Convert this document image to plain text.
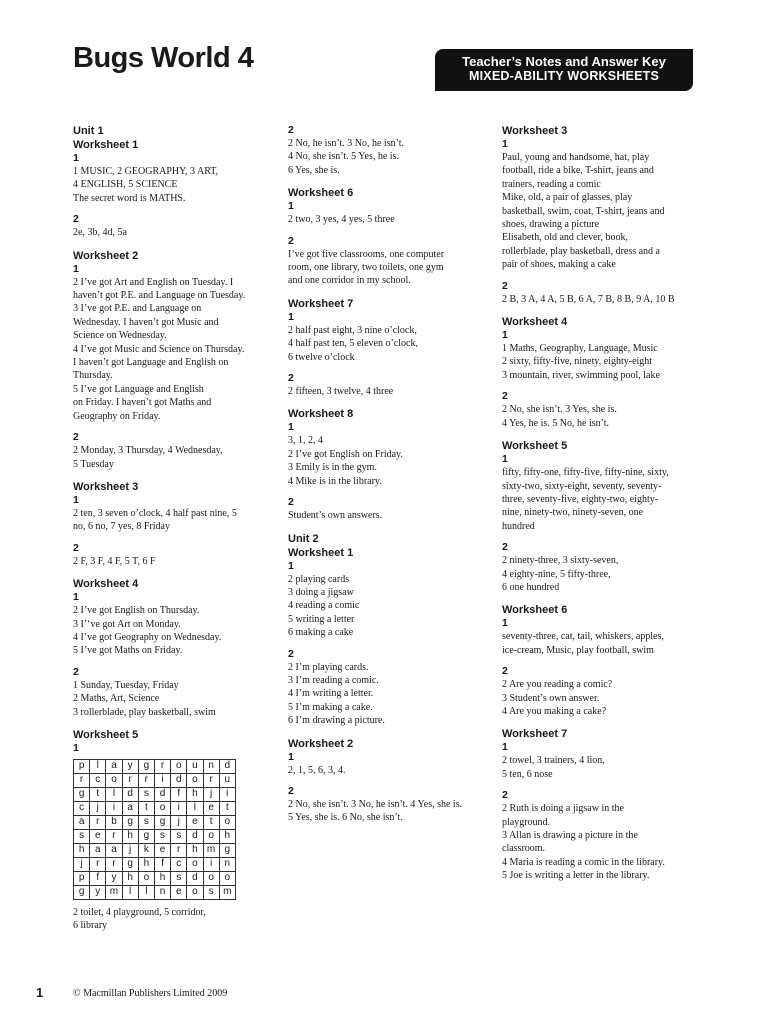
Bugs World 4	Teacher’s Notes and Answer Key
MIXED-ABILITY WORKSHEETS
Unit 1
Worksheet 1
1
1 MUSIC, 2 GEOGRAPHY, 3 ART,
4 ENGLISH, 5 SCIENCE
The secret word is MATHS.
2
2e, 3b, 4d, 5a
Worksheet 2
1
2 I’ve got Art and English on Tuesday. I
haven’t got P.E. and Language on Tuesday.
3 I’ve got P.E. and Language on
Wednesday. I haven’t got Music and
Science on Wednesday.
4 I’ve got Music and Science on Thursday.
I haven’t got Language and English on
Thursday.
5 I’ve got Language and English
on Friday. I haven’t got Maths and
Geography on Friday.
2
2 Monday, 3 Thursday, 4 Wednesday,
5 Tuesday
Worksheet 3
1
2 ten, 3 seven o’clock, 4 half past nine, 5
no, 6 no, 7 yes, 8 Friday
2
2 F, 3 F, 4 F, 5 T, 6 F
Worksheet 4
1
2 I’ve got English on Thursday.
3 I’‘ve got Art on Monday.
4 I’ve got Geography on Wednesday.
5 I’ve got Maths on Friday.
2
1 Sunday, Tuesday, Friday
2 Maths, Art, Science
3 rollerblade, play basketball, swim
Worksheet 5
1
p	l	a	y	g	r	o	u	n	d
r	c	o	r	r	i	d	o	r	u
g	t	l	d	s	d	f	h	j	i
c	j	i	a	t	o	i	l	e	t
a	r	b	g	s	g	j	e	t	o
s	e	r	h	g	s	s	d	o	h
h	a	a	j	k	e	r	h	m	g
j	r	r	g	h	f	c	o	i	n
p	f	y	h	o	h	s	d	o	o
g	y	m	l	l	n	e	o	s	m
2 toilet, 4 playground, 5 corridor,
6 library
2
2 No, he isn’t. 3 No, he isn’t.
4 No, she isn’t. 5 Yes, he is.
6 Yes, she is.
Worksheet 6
1
2 two, 3 yes, 4 yes, 5 three
2
I’ve got five classrooms, one computer
room, one library, two toilets, one gym
and one corridor in my school.
Worksheet 7
1
2 half past eight, 3 nine o’clock,
4 half past ten, 5 eleven o’clock,
6 twelve o’clock
2
2 fifteen, 3 twelve, 4 three
Worksheet 8
1
3, 1, 2, 4
2 I’ve got English on Friday.
3 Emily is in the gym.
4 Mike is in the library.
2
Student’s own answers.
Unit 2
Worksheet 1
1
2 playing cards
3 doing a jigsaw
4 reading a comic
5 writing a letter
6 making a cake
2
2 I’m playing cards.
3 I’m reading a comic.
4 I’m writing a letter.
5 I’m making a cake.
6 I’m drawing a picture.
Worksheet 2
1
2, 1, 5, 6, 3, 4.
2
2 No, she isn’t. 3 No, he isn’t. 4 Yes, she is.
5 Yes, she is. 6 No, she isn’t.
Worksheet 3
1
Paul, young and handsome, hat, play
football, ride a bike, T-shirt, jeans and
trainers, reading a comic
Mike, old, a pair of glasses, play
basketball, swim, coat, T-shirt, jeans and
shoes, drawing a picture
Elisabeth, old and clever, book,
rollerblade, play basketball, dress and a
pair of shoes, making a cake
2
2 B, 3 A, 4 A, 5 B, 6 A, 7 B, 8 B, 9 A, 10 B
Worksheet 4
1
1 Maths, Geography, Language, Music
2 sixty, fifty-five, ninety, eighty-eight
3 mountain, river, swimming pool, lake
2
2 No, she isn’t. 3 Yes, she is.
4 Yes, he is. 5 No, he isn’t.
Worksheet 5
1
fifty, fifty-one, fifty-five, fifty-nine, sixty,
sixty-two, sixty-eight, seventy, seventy-
three, seventy-five, eighty-two, eighty-
nine, ninety-two, ninety-seven, one
hundred
2
2 ninety-three, 3 sixty-seven,
4 eighty-nine, 5 fifty-three,
6 one hundred
Worksheet 6
1
seventy-three, cat, tail, whiskers, apples,
ice-cream, Music, play football, swim
2
2 Are you reading a comic?
3 Student’s own answer.
4 Are you making a cake?
Worksheet 7
1
2 towel, 3 trainers, 4 lion,
5 ten, 6 nose
2
2 Ruth is doing a jigsaw in the
playground.
3 Allan is drawing a picture in the
classroom.
4 Maria is reading a comic in the library.
5 Joe is writing a letter in the library.
1	© Macmillan Publishers Limited 2009
